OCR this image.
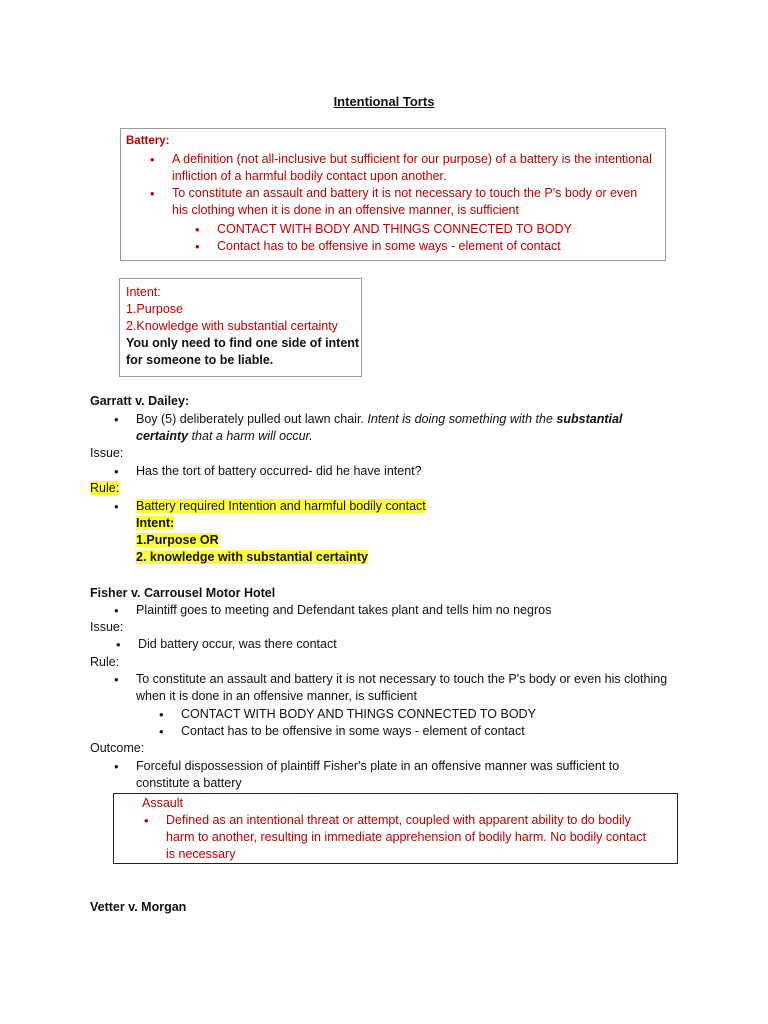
Intentional Torts
Battery:
• A definition (not all-inclusive but sufficient for our purpose) of a battery is the intentional infliction of a harmful bodily contact upon another.
• To constitute an assault and battery it is not necessary to touch the P's body or even his clothing when it is done in an offensive manner, is sufficient
• CONTACT WITH BODY AND THINGS CONNECTED TO BODY
• Contact has to be offensive in some ways - element of contact
Intent:
1.Purpose
2.Knowledge with substantial certainty
You only need to find one side of intent
for someone to be liable.
Garratt v. Dailey:
• Boy (5) deliberately pulled out lawn chair. Intent is doing something with the substantial
certainty that a harm will occur.
Issue:
• Has the tort of battery occurred- did he have intent?
Rule:
• Battery required Intention and harmful bodily contact
Intent:
1.Purpose OR
2. knowledge with substantial certainty
Fisher v. Carrousel Motor Hotel
• Plaintiff goes to meeting and Defendant takes plant and tells him no negros
Issue:
• Did battery occur, was there contact
Rule:
• To constitute an assault and battery it is not necessary to touch the P's body or even his clothing
when it is done in an offensive manner, is sufficient
• CONTACT WITH BODY AND THINGS CONNECTED TO BODY
• Contact has to be offensive in some ways - element of contact
Outcome:
• Forceful dispossession of plaintiff Fisher's plate in an offensive manner was sufficient to
constitute a battery
Assault
• Defined as an intentional threat or attempt, coupled with apparent ability to do bodily
harm to another, resulting in immediate apprehension of bodily harm. No bodily contact
is necessary
Vetter v. Morgan
